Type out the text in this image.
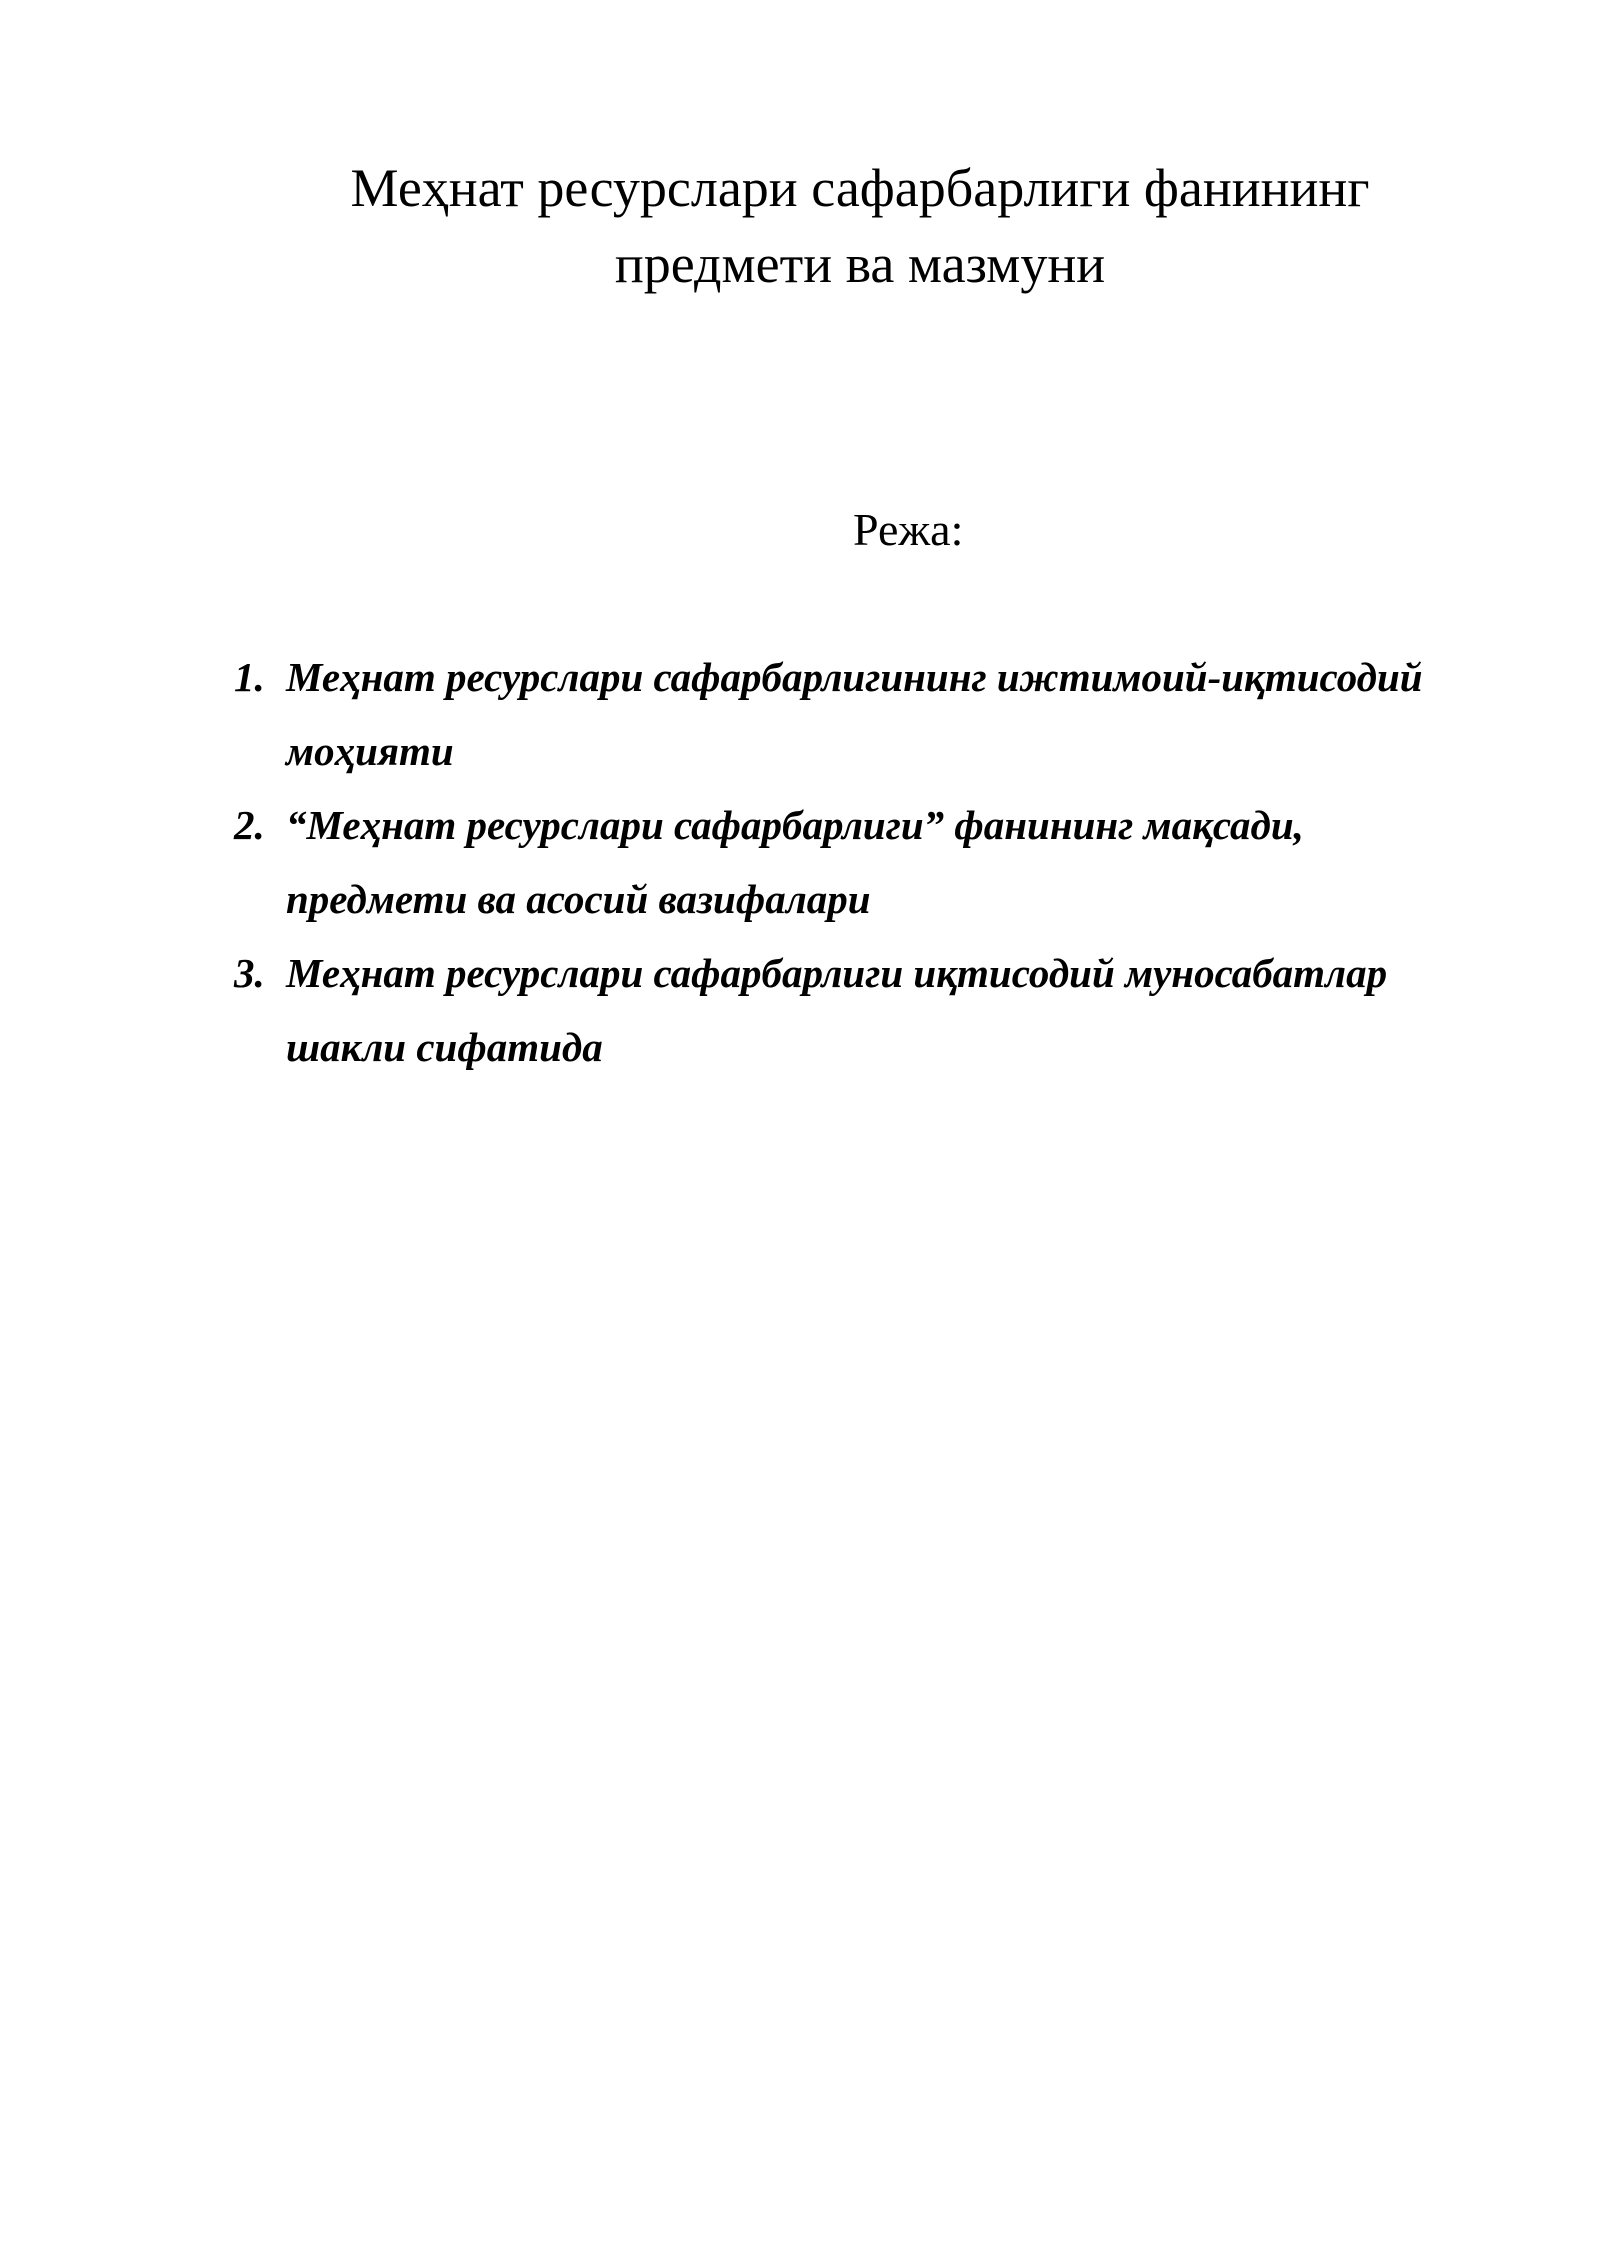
Меҳнат ресурслари сафарбарлиги фанининг
предмети ва мазмуни
Режа:
1. Меҳнат ресурслари сафарбарлигининг ижтимоий-иқтисодий
моҳияти
2. “Меҳнат ресурслари сафарбарлиги” фанининг мақсади,
предмети ва асосий вазифалари
3. Меҳнат ресурслари сафарбарлиги иқтисодий муносабатлар
шакли сифатида
